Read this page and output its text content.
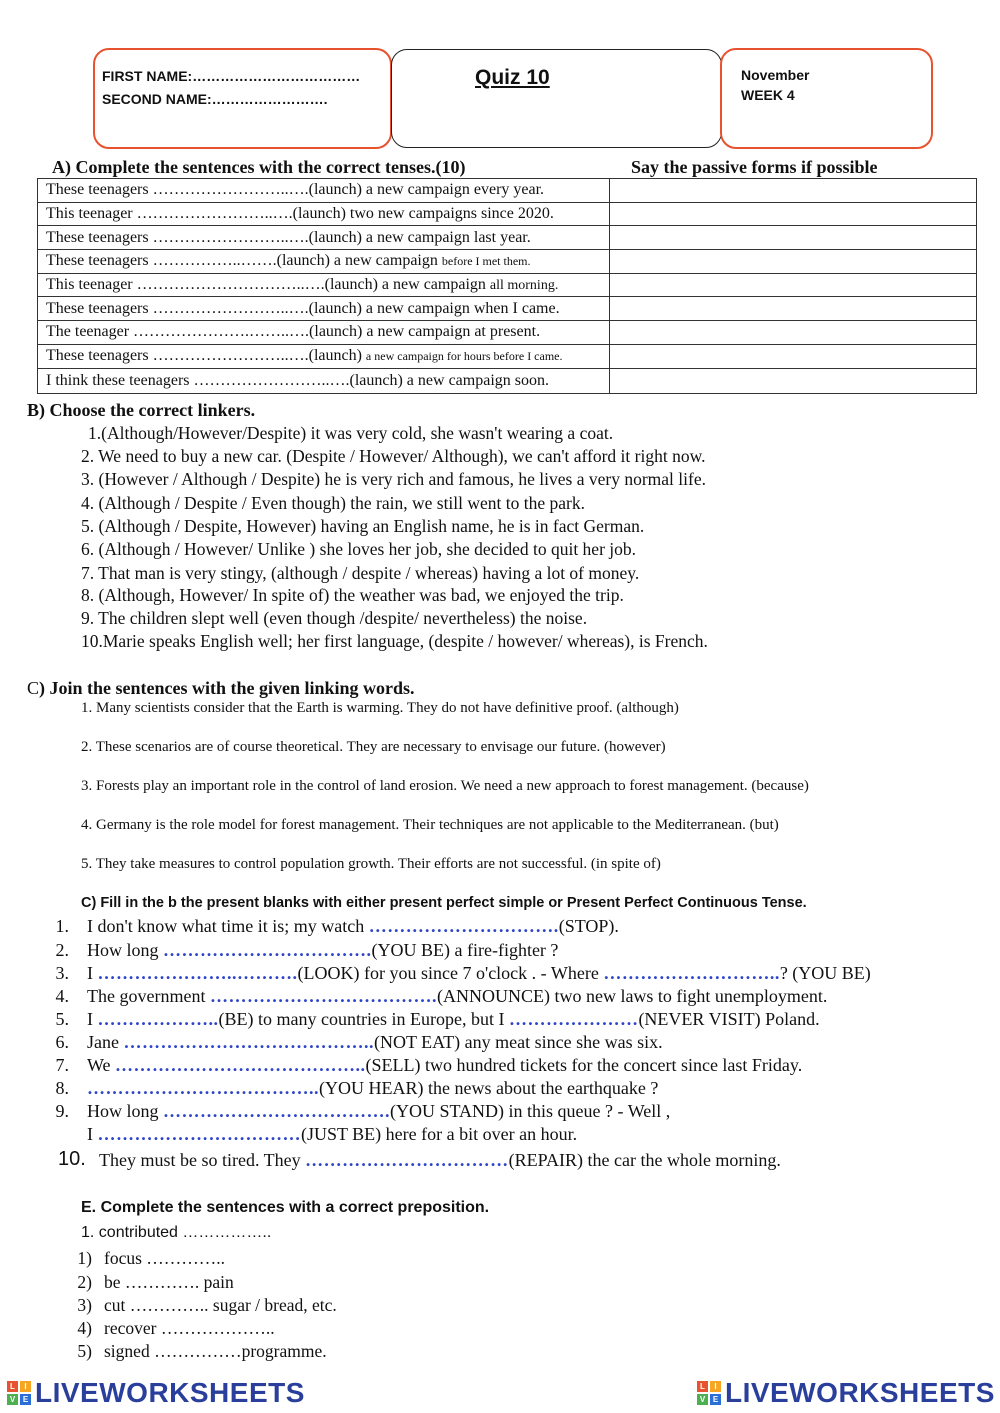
FIRST NAME:………………………………
SECOND NAME:…………………….
Quiz 10	November
WEEK 4
A) Complete the sentences with the correct tenses.(10)	Say the passive forms if possible
These teenagers ……………………..….(launch) a new campaign every year.	
This teenager ……………………..….(launch) two new campaigns since 2020.	
These teenagers ……………………..….(launch) a new campaign last year.	
These teenagers ……………..…….(launch) a new campaign before I met them.	
This teenager …………………………..….(launch) a new campaign all morning.	
These teenagers ……………………..….(launch) a new campaign when I came.	
The teenager ………………….……..….(launch) a new campaign at present.	
These teenagers ……………………..….(launch) a new campaign for hours before I came.	
I think these teenagers ……………………..….(launch) a new campaign soon.	
B) Choose the correct linkers.
1.(Although/However/Despite) it was very cold, she wasn't wearing a coat.
2. We need to buy a new car. (Despite / However/ Although), we can't afford it right now.
3. (However / Although / Despite) he is very rich and famous, he lives a very normal life.
4. (Although / Despite / Even though) the rain, we still went to the park.
5. (Although / Despite, However) having an English name, he is in fact German.
6. (Although / However/ Unlike ) she loves her job, she decided to quit her job.
7. That man is very stingy, (although / despite / whereas) having a lot of money.
8. (Although, However/ In spite of) the weather was bad, we enjoyed the trip.
9. The children slept well (even though /despite/ nevertheless) the noise.
10.Marie speaks English well; her first language, (despite / however/ whereas), is French.
C) Join the sentences with the given linking words.
1. Many scientists consider that the Earth is warming. They do not have definitive proof. (although)
2. These scenarios are of course theoretical. They are necessary to envisage our future. (however)
3. Forests play an important role in the control of land erosion. We need a new approach to forest management. (because)
4. Germany is the role model for forest management. Their techniques are not applicable to the Mediterranean. (but)
5. They take measures to control population growth. Their efforts are not successful. (in spite of)
C) Fill in the b the present blanks with either present perfect simple or Present Perfect Continuous Tense.
1. I don't know what time it is; my watch ………………………….(STOP).
2. How long …………………………….(YOU BE) a fire-fighter ?
3. I …………………..……….(LOOK) for you since 7 o'clock . - Where ………………………..? (YOU BE)
4. The government ……………………………….(ANNOUNCE) two new laws to fight unemployment.
5. I ………………..(BE) to many countries in Europe, but I …………………(NEVER VISIT) Poland.
6. Jane …………………………………..(NOT EAT) any meat since she was six.
7. We …………………………………..(SELL) two hundred tickets for the concert since last Friday.
8. ………………………………..(YOU HEAR) the news about the earthquake ?
9. How long ……………………………….(YOU STAND) in this queue ? - Well ,
I ……………………………(JUST BE) here for a bit over an hour.
10. They must be so tired. They ……………………………(REPAIR) the car the whole morning.
E. Complete the sentences with a correct preposition.
1. contributed ……………..
1) focus …………..
2) be …………. pain
3) cut ………….. sugar / bread, etc.
4) recover ………………..
5) signed ……………programme.
L	I
V E LIVEWORKSHEETS	L	I
V E LIVEWORKSHEETS
